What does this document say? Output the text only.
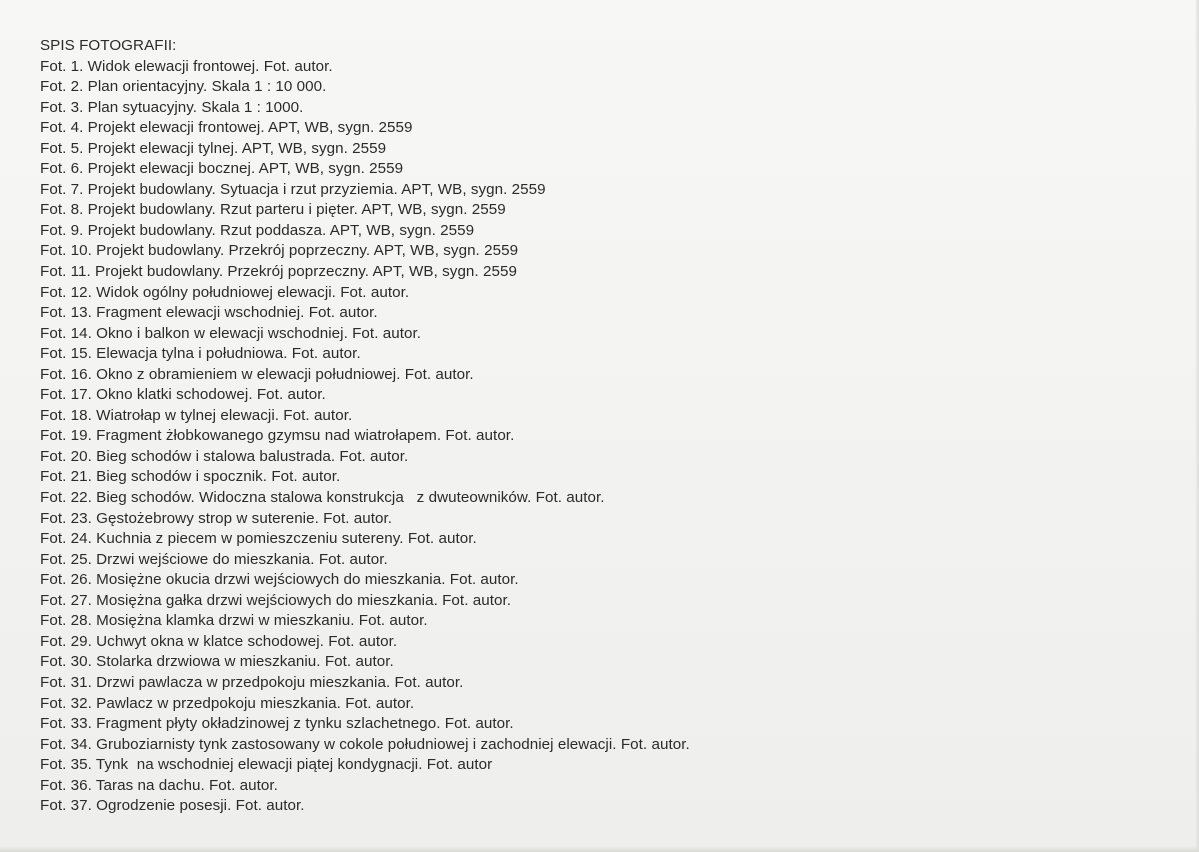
SPIS FOTOGRAFII:

Fot. 1. Widok elewacji frontowej. Fot. autor.
Fot. 2. Plan orientacyjny. Skala 1 : 10 000.
Fot. 3. Plan sytuacyjny. Skala 1 : 1000.
Fot. 4. Projekt elewacji frontowej. APT, WB, sygn. 2559
Fot. 5. Projekt elewacji tylnej. APT, WB, sygn. 2559
Fot. 6. Projekt elewacji bocznej. APT, WB, sygn. 2559
Fot. 7. Projekt budowlany. Sytuacja i rzut przyziemia. APT, WB, sygn. 2559
Fot. 8. Projekt budowlany. Rzut parteru i pięter. APT, WB, sygn. 2559
Fot. 9. Projekt budowlany. Rzut poddasza. APT, WB, sygn. 2559
Fot. 10. Projekt budowlany. Przekrój poprzeczny. APT, WB, sygn. 2559
Fot. 11. Projekt budowlany. Przekrój poprzeczny. APT, WB, sygn. 2559
Fot. 12. Widok ogólny południowej elewacji. Fot. autor.
Fot. 13. Fragment elewacji wschodniej. Fot. autor.
Fot. 14. Okno i balkon w elewacji wschodniej. Fot. autor.
Fot. 15. Elewacja tylna i południowa. Fot. autor.
Fot. 16. Okno z obramieniem w elewacji południowej. Fot. autor.
Fot. 17. Okno klatki schodowej. Fot. autor.
Fot. 18. Wiatrołap w tylnej elewacji. Fot. autor.
Fot. 19. Fragment żłobkowanego gzymsu nad wiatrołapem. Fot. autor.
Fot. 20. Bieg schodów i stalowa balustrada. Fot. autor.
Fot. 21. Bieg schodów i spocznik. Fot. autor.
Fot. 22. Bieg schodów. Widoczna stalowa konstrukcja   z dwuteowników. Fot. autor.
Fot. 23. Gęstożebrowy strop w suterenie. Fot. autor.
Fot. 24. Kuchnia z piecem w pomieszczeniu sutereny. Fot. autor.
Fot. 25. Drzwi wejściowe do mieszkania. Fot. autor.
Fot. 26. Mosiężne okucia drzwi wejściowych do mieszkania. Fot. autor.
Fot. 27. Mosiężna gałka drzwi wejściowych do mieszkania. Fot. autor.
Fot. 28. Mosiężna klamka drzwi w mieszkaniu. Fot. autor.
Fot. 29. Uchwyt okna w klatce schodowej. Fot. autor.
Fot. 30. Stolarka drzwiowa w mieszkaniu. Fot. autor.
Fot. 31. Drzwi pawlacza w przedpokoju mieszkania. Fot. autor.
Fot. 32. Pawlacz w przedpokoju mieszkania. Fot. autor.
Fot. 33. Fragment płyty okładzinowej z tynku szlachetnego. Fot. autor.
Fot. 34. Gruboziarnisty tynk zastosowany w cokole południowej i zachodniej elewacji. Fot. autor.
Fot. 35. Tynk  na wschodniej elewacji piątej kondygnacji. Fot. autor
Fot. 36. Taras na dachu. Fot. autor.
Fot. 37. Ogrodzenie posesji. Fot. autor.
